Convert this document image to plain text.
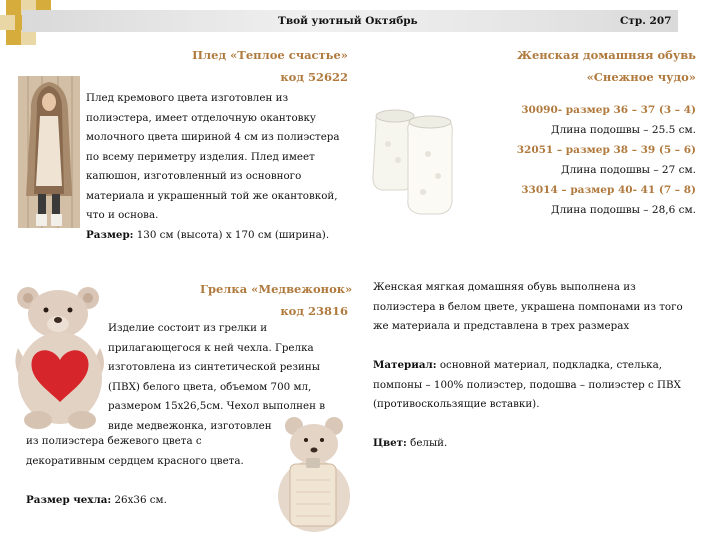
Твой уютный Октябрь	Стр. 207
Плед «Теплое счастье»
код 52622
Плед кремового цвета изготовлен из
полиэстера, имеет отделочную окантовку
молочного цвета шириной 4 см из полиэстера
по всему периметру изделия. Плед имеет
капюшон, изготовленный из основного
материала и украшенный той же окантовкой,
что и основа.
Размер: 130 см (высота) х 170 см (ширина).
Женская домашняя обувь
«Снежное чудо»
30090- размер 36 – 37 (3 – 4)
Длина подошвы – 25.5 см.
32051 – размер 38 – 39 (5 – 6)
Длина подошвы – 27 см.
33014 – размер 40- 41 (7 – 8)
Длина подошвы – 28,6 см.
Женская мягкая домашняя обувь выполнена из
полиэстера в белом цвете, украшена помпонами из того
же материала и представлена в трех размерах

Материал: основной материал, подкладка, стелька,
помпоны – 100% полиэстер, подошва – полиэстер с ПВХ
(противоскользящие вставки).

Цвет: белый.
Грелка «Медвежонок»
код 23816
Изделие состоит из грелки и
прилагающегося к ней чехла. Грелка
изготовлена из синтетической резины
(ПВХ) белого цвета, объемом 700 мл,
размером 15х26,5см. Чехол выполнен в
виде медвежонка, изготовлен
из полиэстера бежевого цвета с
декоративным сердцем красного цвета.

Размер чехла: 26х36 см.
